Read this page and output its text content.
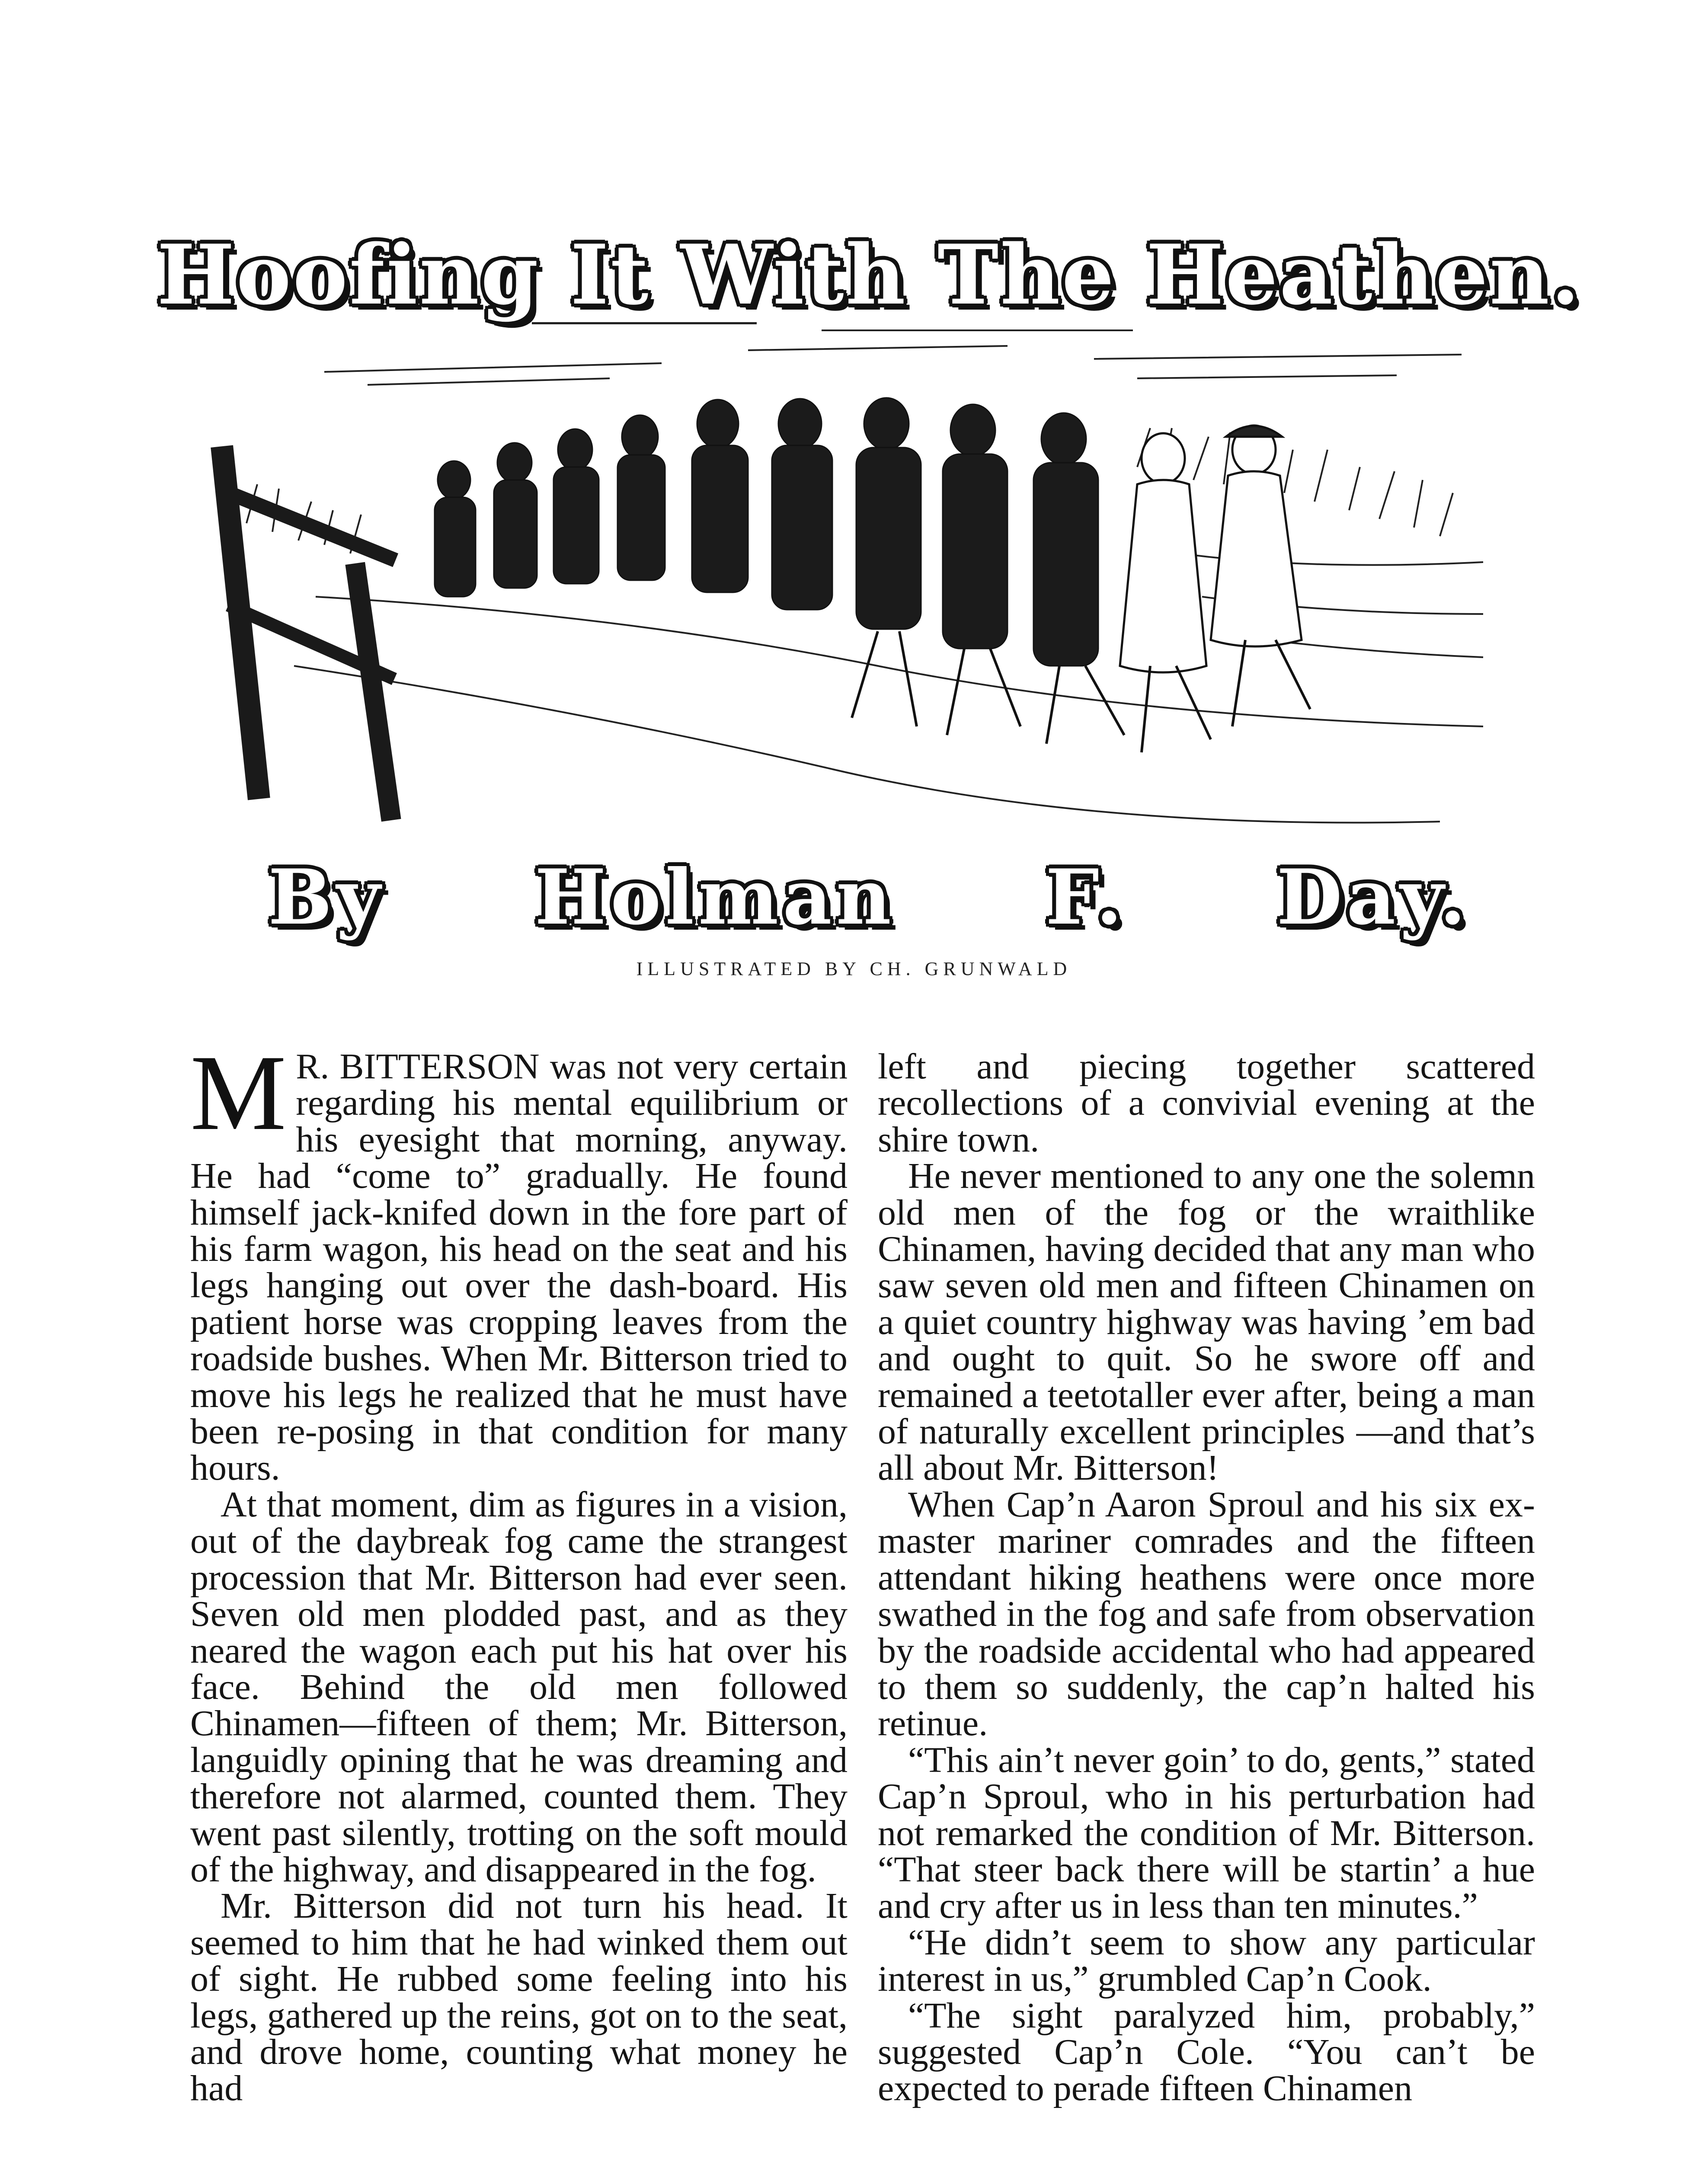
Hoofing It With The Heathen.
By Holman F. Day.
ILLUSTRATED BY CH. GRUNWALD

M R. BITTERSON was not very certain regarding his mental equilibrium or his eyesight that morning, anyway. He had “come to” gradually. He found himself jack-knifed down in the fore part of his farm wagon, his head on the seat and his legs hanging out over the dash-board. His patient horse was cropping leaves from the roadside bushes. When Mr. Bitterson tried to move his legs he realized that he must have been re-posing in that condition for many hours.

At that moment, dim as figures in a vision, out of the daybreak fog came the strangest procession that Mr. Bitterson had ever seen. Seven old men plodded past, and as they neared the wagon each put his hat over his face. Behind the old men followed Chinamen—fifteen of them; Mr. Bitterson, languidly opining that he was dreaming and therefore not alarmed, counted them. They went past silently, trotting on the soft mould of the highway, and disappeared in the fog.

Mr. Bitterson did not turn his head. It seemed to him that he had winked them out of sight. He rubbed some feeling into his legs, gathered up the reins, got on to the seat, and drove home, counting what money he had

left and piecing together scattered recollections of a convivial evening at the shire town.

He never mentioned to any one the solemn old men of the fog or the wraithlike Chinamen, having decided that any man who saw seven old men and fifteen Chinamen on a quiet country highway was having ’em bad and ought to quit. So he swore off and remained a teetotaller ever after, being a man of naturally excellent principles —and that’s all about Mr. Bitterson!

When Cap’n Aaron Sproul and his six ex-master mariner comrades and the fifteen attendant hiking heathens were once more swathed in the fog and safe from observation by the roadside accidental who had appeared to them so suddenly, the cap’n halted his retinue.

“This ain’t never goin’ to do, gents,” stated Cap’n Sproul, who in his perturbation had not remarked the condition of Mr. Bitterson. “That steer back there will be startin’ a hue and cry after us in less than ten minutes.”

“He didn’t seem to show any particular interest in us,” grumbled Cap’n Cook.

“The sight paralyzed him, probably,” suggested Cap’n Cole. “You can’t be expected to perade fifteen Chinamen
